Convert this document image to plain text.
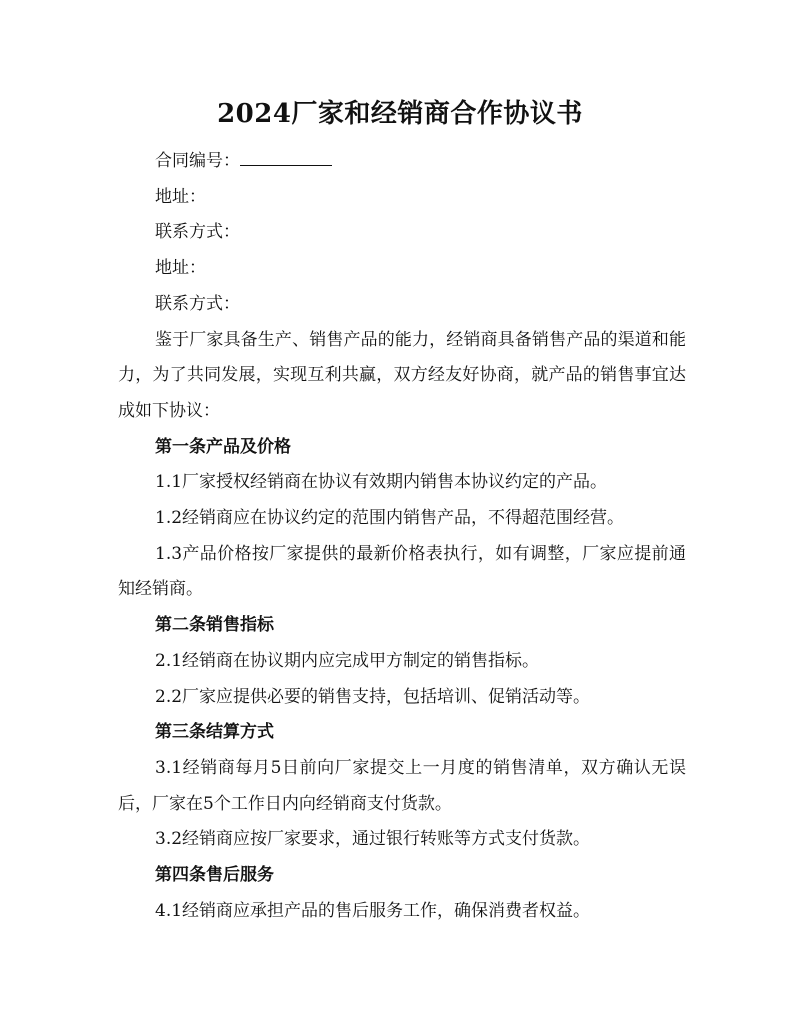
2024厂家和经销商合作协议书

合同编号：

地址：

联系方式：

地址：

联系方式：

鉴于厂家具备生产、销售产品的能力，经销商具备销售产品的渠道和能力，为了共同发展，实现互利共赢，双方经友好协商，就产品的销售事宜达成如下协议：

第一条产品及价格

1.1厂家授权经销商在协议有效期内销售本协议约定的产品。

1.2经销商应在协议约定的范围内销售产品，不得超范围经营。

1.3产品价格按厂家提供的最新价格表执行，如有调整，厂家应提前通知经销商。

第二条销售指标

2.1经销商在协议期内应完成甲方制定的销售指标。

2.2厂家应提供必要的销售支持，包括培训、促销活动等。

第三条结算方式

3.1经销商每月5日前向厂家提交上一月度的销售清单，双方确认无误后，厂家在5个工作日内向经销商支付货款。

3.2经销商应按厂家要求，通过银行转账等方式支付货款。

第四条售后服务

4.1经销商应承担产品的售后服务工作，确保消费者权益。
